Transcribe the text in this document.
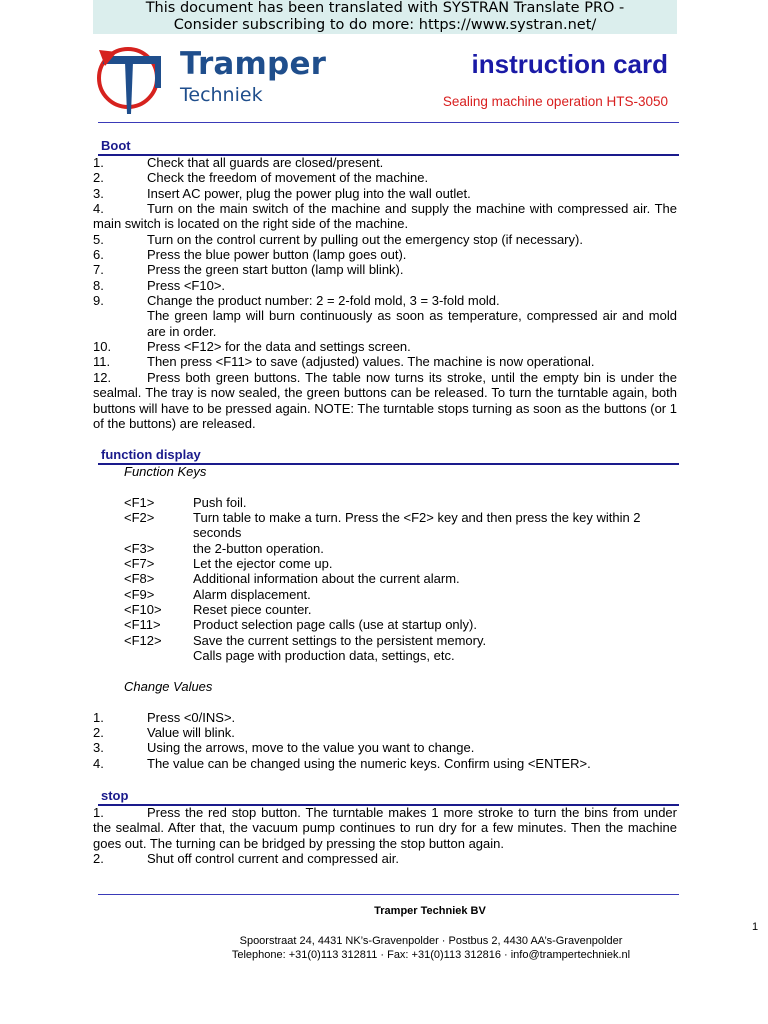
This document has been translated with SYSTRAN Translate PRO -
Consider subscribing to do more: https://www.systran.net/
Tramper
Techniek
instruction card
Sealing machine operation HTS-3050
Boot
1.	Check that all guards are closed/present.
2.	Check the freedom of movement of the machine.
3.	Insert AC power, plug the power plug into the wall outlet.
4.	Turn on the main switch of the machine and supply the machine with compressed air. The main switch is located on the right side of the machine.
5.	Turn on the control current by pulling out the emergency stop (if necessary).
6.	Press the blue power button (lamp goes out).
7.	Press the green start button (lamp will blink).
8.	Press <F10>.
9.	Change the product number: 2 = 2-fold mold, 3 = 3-fold mold.
The green lamp will burn continuously as soon as temperature, compressed air and mold are in order.
10.	Press <F12> for the data and settings screen.
11.	Then press <F11> to save (adjusted) values. The machine is now operational.
12.	Press both green buttons. The table now turns its stroke, until the empty bin is under the sealmal. The tray is now sealed, the green buttons can be released. To turn the turntable again, both buttons will have to be pressed again. NOTE: The turntable stops turning as soon as the buttons (or 1 of the buttons) are released.
function display
Function Keys
<F1>	Push foil.
<F2>	Turn table to make a turn. Press the <F2> key and then press the key within 2 seconds
<F3>	the 2-button operation.
<F7>	Let the ejector come up.
<F8>	Additional information about the current alarm.
<F9>	Alarm displacement.
<F10> Reset piece counter.
<F11> Product selection page calls (use at startup only).
<F12> Save the current settings to the persistent memory.
Calls page with production data, settings, etc.
Change Values
1.	Press <0/INS>.
2.	Value will blink.
3.	Using the arrows, move to the value you want to change.
4.	The value can be changed using the numeric keys. Confirm using <ENTER>.
stop
1.	Press the red stop button. The turntable makes 1 more stroke to turn the bins from under the sealmal. After that, the vacuum pump continues to run dry for a few minutes. Then the machine goes out. The turning can be bridged by pressing the stop button again.
2.	Shut off control current and compressed air.
Tramper Techniek BV
Spoorstraat 24, 4431 NK’s-Gravenpolder · Postbus 2, 4430 AA’s-Gravenpolder
Telephone: +31(0)113 312811 · Fax: +31(0)113 312816 · info@trampertechniek.nl
1
